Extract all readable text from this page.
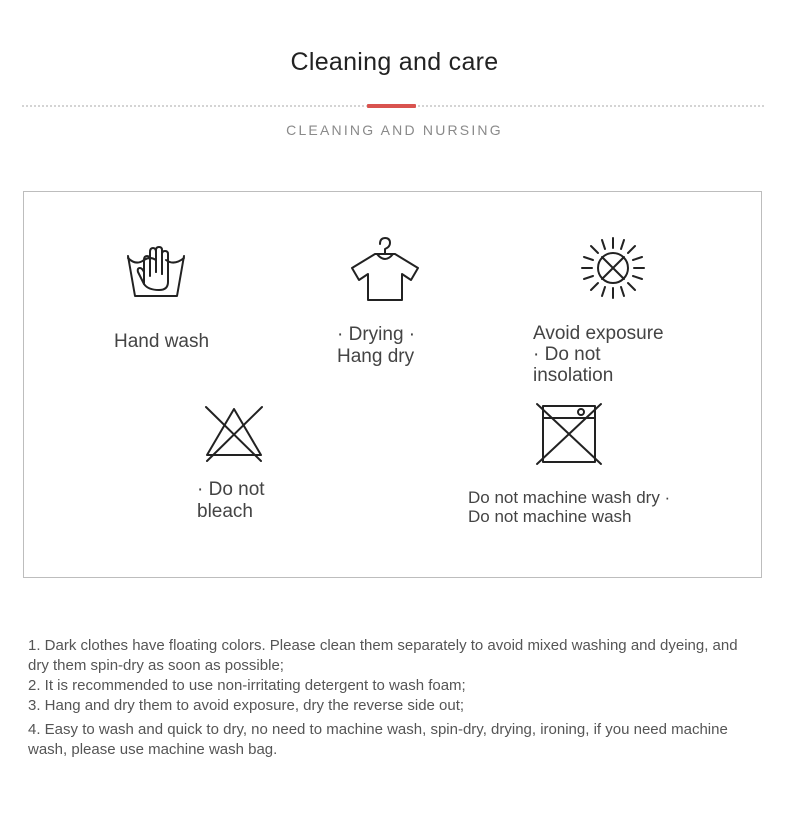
Cleaning and care
CLEANING AND NURSING
Hand wash	· Drying ·
Hang dry
Avoid exposure
· Do not
insolation
· Do not
bleach
Do not machine wash dry ·
Do not machine wash

1. Dark clothes have floating colors. Please clean them separately to avoid mixed washing and dyeing, and dry them spin-dry as soon as possible;

2. It is recommended to use non-irritating detergent to wash foam;

3. Hang and dry them to avoid exposure, dry the reverse side out;

4. Easy to wash and quick to dry, no need to machine wash, spin-dry, drying, ironing, if you need machine wash, please use machine wash bag.
